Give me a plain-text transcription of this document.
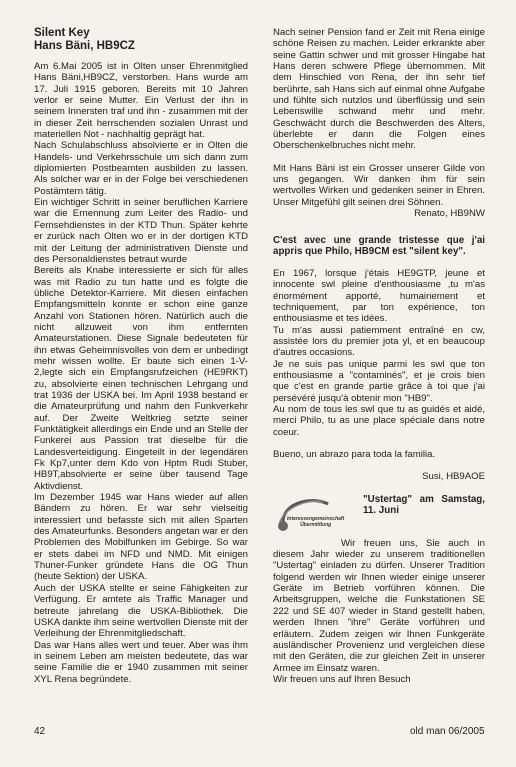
Silent Key
Hans Bäni, HB9CZ

Am 6.Mai 2005 ist in Olten unser Ehrenmitglied Hans Bäni,HB9CZ, verstorben. Hans wurde am 17. Juli 1915 geboren. Bereits mit 10 Jahren verlor er seine Mutter. Ein Verlust der ihn in seinem Innersten traf und ihn - zusammen mit der in dieser Zeit herrschenden sozialen Unrast und materiellen Not - nachhaltig geprägt hat.

Nach Schulabschluss absolvierte er in Olten die Handels- und Verkehrsschule um sich dann zum diplomierten Postbeamten ausbilden zu lassen. Als solcher war er in der Folge bei verschiedenen Postämtern tätig.

Ein wichtiger Schritt in seiner beruflichen Karriere war die Ernennung zum Leiter des Radio- und Fernsehdienstes in der KTD Thun. Später kehrte er zurück nach Olten wo er in der dortigen KTD mit der Leitung der administrativen Dienste und des Personaldienstes betraut wurde

Bereits als Knabe interessierte er sich für alles was mit Radio zu tun hatte und es folgte die übliche Detektor-Karriere. Mit diesen einfachen Empfangsmitteln konnte er schon eine ganze Anzahl von Stationen hören. Natürlich auch die nicht allzuweit von ihm entfernten Amateurstationen. Diese Signale bedeuteten für ihn etwas Geheimnisvolles von dem er unbedingt mehr wissen wollte. Er baute sich einen 1-V-2,legte sich ein Empfangsrufzeichen (HE9RKT) zu, absolvierte einen technischen Lehrgang und trat 1936 der USKA bei. Im April 1938 bestand er die Amateurprüfung und nahm den Funkverkehr auf. Der Zweite Weltkrieg setzte seiner Funktätigkeit allerdings ein Ende und an Stelle der Funkerei aus Passion trat dieselbe für die Landesverteidigung. Eingeteilt in der legendären Fk Kp7,unter dem Kdo von Hptm Rudi Stuber, HB9T,absolvierte er seine über tausend Tage Aktivdienst.

Im Dezember 1945 war Hans wieder auf allen Bändern zu hören. Er war sehr vielseitig interessiert und befasste sich mit allen Sparten des Amateurfunks. Besonders angetan war er den Problemen des Mobilfunken im Gebirge. So war er stets dabei im NFD und NMD. Mit einigen Thuner-Funker gründete Hans die OG Thun (heute Sektion) der USKA.

Auch der USKA stellte er seine Fähigkeiten zur Verfügung. Er amtete als Traffic Manager und betreute jahrelang die USKA-Bibliothek. Die USKA dankte ihm seine wertvollen Dienste mit der Verleihung der Ehrenmitgliedschaft.

Das war Hans alles wert und teuer. Aber was ihm in seinem Leben am meisten bedeutete, das war seine Familie die er 1940 zusammen mit seiner XYL Rena begründete.

Nach seiner Pension fand er Zeit mit Rena einige schöne Reisen zu machen. Leider erkrankte aber seine Gattin schwer und mit grosser Hingabe hat Hans deren schwere Pflege übernommen. Mit dem Hinschied von Rena, der ihn sehr tief berührte, sah Hans sich auf einmal ohne Aufgabe und fühlte sich nutzlos und überflüssig und sein Lebenswille schwand mehr und mehr. Geschwächt durch die Beschwerden des Alters, überlebte er dann die Folgen eines Oberschenkelbruches nicht mehr.

Mit Hans Bäni ist ein Grosser unserer Gilde von uns gegangen. Wir danken ihm für sein wertvolles Wirken und gedenken seiner in Ehren. Unser Mitgefühl gilt seinen drei Söhnen.

Renato, HB9NW

C'est avec une grande tristesse que j'ai appris que Philo, HB9CM est "silent key".

En 1967, lorsque j'étais HE9GTP, jeune et innocente swl pleine d'enthousiasme ,tu m'as énormément apporté, humainement et techniquement, par ton expérience, ton enthousiasme et tes idées.

Tu m'as aussi patiemment entraîné en cw, assistée lors du premier jota yl, et en beaucoup d'autres occasions.

Je ne suis pas unique parmi les swl que ton enthousiasme a "contaminés", et je crois bien que c'est en grande partie grâce à toi que j'ai persévéré jusqu'à obtenir mon "HB9".

Au nom de tous les swl que tu as guidés et aidé, merci Philo, tu as une place spéciale dans notre coeur.

Bueno, un abrazo para toda la familia.

Susi, HB9AOE

Interessengemeinschaft
Übermittlung
"Ustertag" am Samstag, 11. Juni

Wir freuen uns, Sie auch in diesem Jahr wieder zu unserem traditionellen "Ustertag" einladen zu dürfen. Unserer Tradition folgend werden wir Ihnen wieder einige unserer Geräte im Betrieb vorführen können. Die Arbeitsgruppen, welche die Funkstationen SE 222 und SE 407 wieder in Stand gestellt haben, werden Ihnen "ihre" Geräte vorführen und erläutern. Zudem zeigen wir Ihnen Funkgeräte ausländischer Provenienz und vergleichen diese mit den Geräten, die zur gleichen Zeit in unserer Armee im Einsatz waren.

Wir freuen uns auf Ihren Besuch

42	old man 06/2005
